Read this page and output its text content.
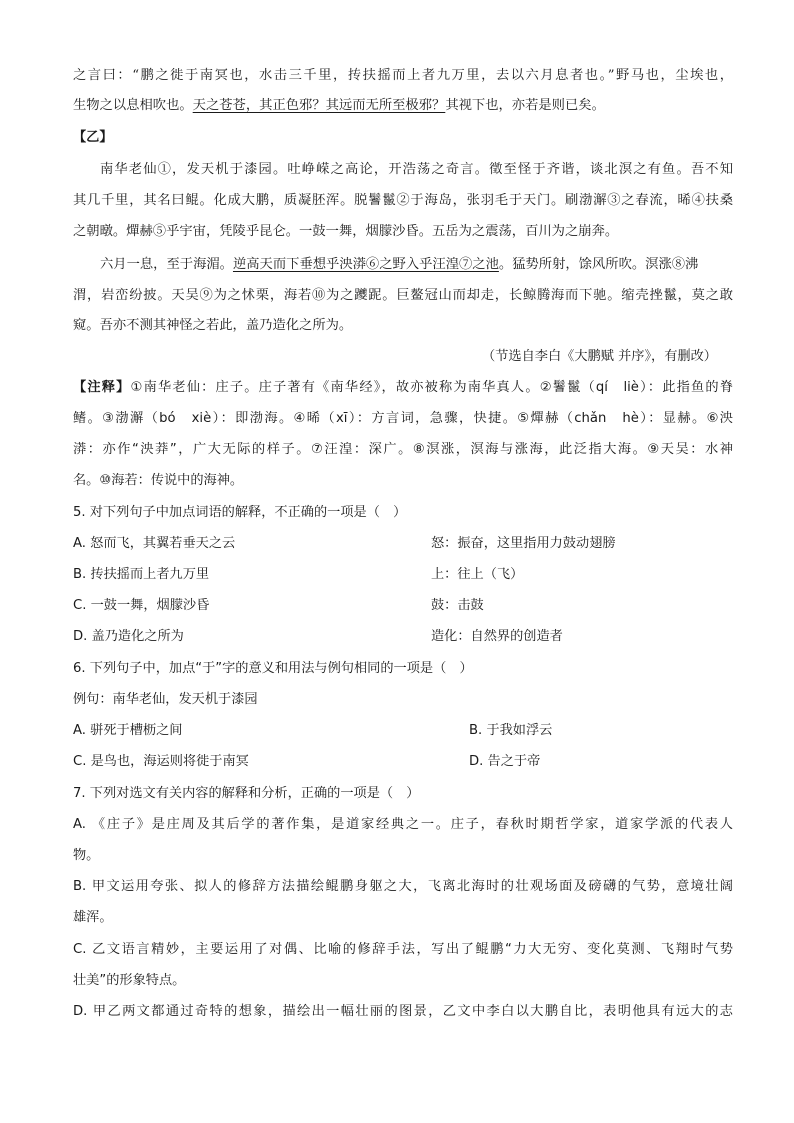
之言曰：“鹏之徙于南冥也，水击三千里，抟扶摇而上者九万里，去以六月息者也。”野马也，尘埃也，
生物之以息相吹也。天之苍苍，其正色邪？其远而无所至极邪？其视下也，亦若是则已矣。
【乙】
南华老仙①，发天机于漆园。吐峥嵘之高论，开浩荡之奇言。徵至怪于齐谐，谈北溟之有鱼。吾不知
其几千里，其名曰鲲。化成大鹏，质凝胚浑。脱鬐鬣②于海岛，张羽毛于天门。刷渤澥③之春流，晞④扶桑
之朝暾。燀赫⑤乎宇宙，凭陵乎昆仑。一鼓一舞，烟朦沙昏。五岳为之震荡，百川为之崩奔。
六月一息，至于海湄。逆高天而下垂想乎泱漭⑥之野入乎汪湟⑦之池。猛势所射，馀风所吹。溟涨⑧沸
渭，岩峦纷披。天吴⑨为之怵栗，海若⑩为之躨跜。巨鳌冠山而却走，长鲸腾海而下驰。缩壳挫鬣，莫之敢
窥。吾亦不测其神怪之若此，盖乃造化之所为。
（节选自李白《大鹏赋 并序》，有删改）
【注释】①南华老仙：庄子。庄子著有《南华经》，故亦被称为南华真人。②鬐鬣（qí　liè）：此指鱼的脊
鳍。③渤澥（bó　xiè）：即渤海。④晞（xī）：方言词，急骤，快捷。⑤燀赫（chǎn　hè）：显赫。⑥泱
漭：亦作“泱莽”，广大无际的样子。⑦汪湟：深广。⑧溟涨，溟海与涨海，此泛指大海。⑨天吴：水神
名。⑩海若：传说中的海神。
5. 对下列句子中加点词语的解释，不正确的一项是（　）
A. 怒而飞，其翼若垂天之云	怒：振奋，这里指用力鼓动翅膀
B. 抟扶摇而上者九万里	上：往上（飞）
C. 一鼓一舞，烟朦沙昏	鼓：击鼓
D. 盖乃造化之所为	造化：自然界的创造者
6. 下列句子中，加点“于”字的意义和用法与例句相同的一项是（　）
例句：南华老仙，发天机于漆园
A. 骈死于槽枥之间	B. 于我如浮云
C. 是鸟也，海运则将徙于南冥	D. 告之于帝
7. 下列对选文有关内容的解释和分析，正确的一项是（　）
A. 《庄子》是庄周及其后学的著作集，是道家经典之一。庄子，春秋时期哲学家，道家学派的代表人
物。
B. 甲文运用夸张、拟人的修辞方法描绘鲲鹏身躯之大，飞离北海时的壮观场面及磅礴的气势，意境壮阔
雄浑。
C. 乙文语言精妙，主要运用了对偶、比喻的修辞手法，写出了鲲鹏“力大无穷、变化莫测、飞翔时气势
壮美”的形象特点。
D. 甲乙两文都通过奇特的想象，描绘出一幅壮丽的图景，乙文中李白以大鹏自比，表明他具有远大的志
